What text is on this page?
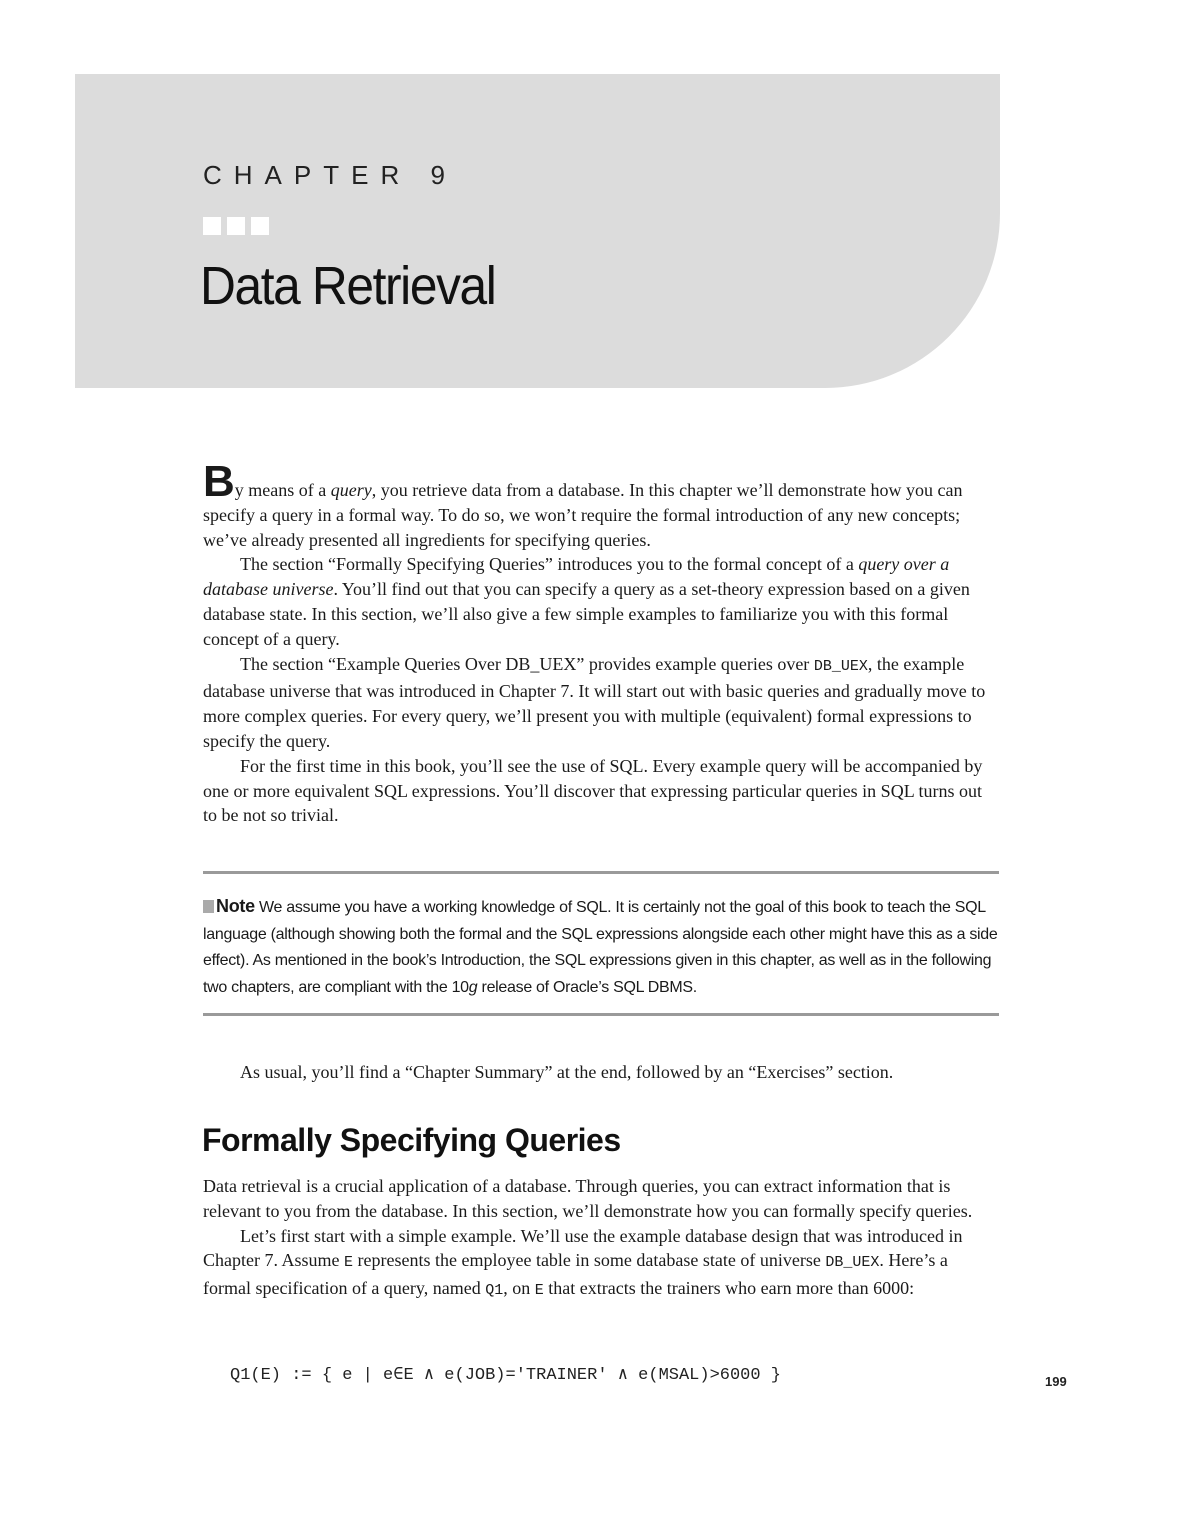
CHAPTER 9
Data Retrieval

By means of a query, you retrieve data from a database. In this chapter we’ll demonstrate how you can specify a query in a formal way. To do so, we won’t require the formal introduction of any new concepts; we’ve already presented all ingredients for specifying queries.

The section “Formally Specifying Queries” introduces you to the formal concept of a query over a database universe. You’ll find out that you can specify a query as a set-theory expression based on a given database state. In this section, we’ll also give a few simple examples to familiarize you with this formal concept of a query.

The section “Example Queries Over DB_UEX” provides example queries over DB_UEX, the example database universe that was introduced in Chapter 7. It will start out with basic queries and gradually move to more complex queries. For every query, we’ll present you with multiple (equivalent) formal expressions to specify the query.

For the first time in this book, you’ll see the use of SQL. Every example query will be accompanied by one or more equivalent SQL expressions. You’ll discover that expressing particular queries in SQL turns out to be not so trivial.

Note We assume you have a working knowledge of SQL. It is certainly not the goal of this book to teach the SQL language (although showing both the formal and the SQL expressions alongside each other might have this as a side effect). As mentioned in the book’s Introduction, the SQL expressions given in this chapter, as well as in the following two chapters, are compliant with the 10g release of Oracle’s SQL DBMS.

As usual, you’ll find a “Chapter Summary” at the end, followed by an “Exercises” section.

Formally Specifying Queries

Data retrieval is a crucial application of a database. Through queries, you can extract information that is relevant to you from the database. In this section, we’ll demonstrate how you can formally specify queries.

Let’s first start with a simple example. We’ll use the example database design that was introduced in Chapter 7. Assume E represents the employee table in some database state of universe DB_UEX. Here’s a formal specification of a query, named Q1, on E that extracts the trainers who earn more than 6000:

Q1(E) := { e | e∈E ∧ e(JOB)='TRAINER' ∧ e(MSAL)>6000 }	199
